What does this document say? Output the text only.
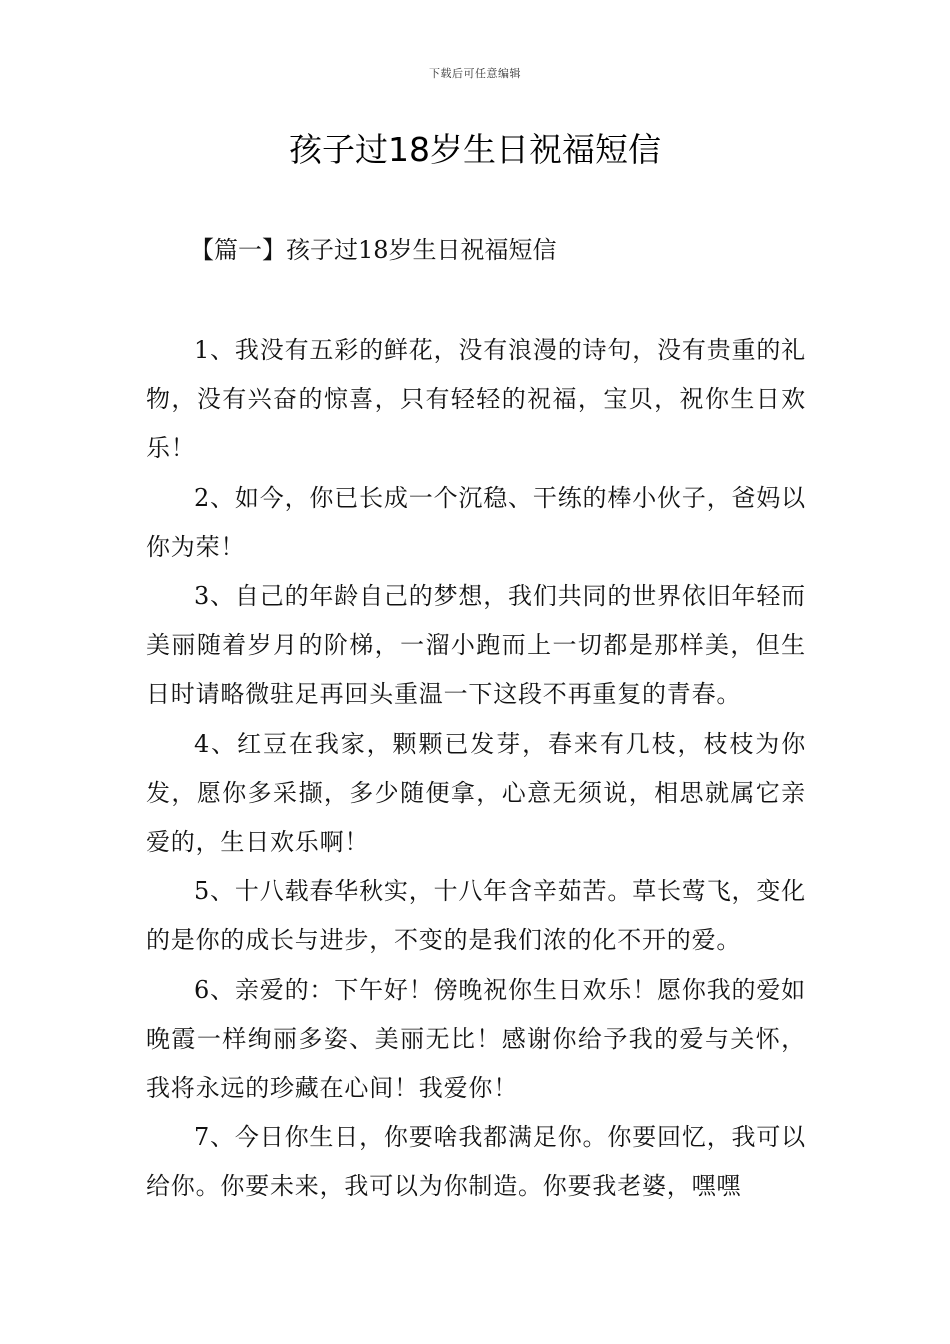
下载后可任意编辑
孩子过18岁生日祝福短信
【篇一】孩子过18岁生日祝福短信

1、我没有五彩的鲜花，没有浪漫的诗句，没有贵重的礼物，没有兴奋的惊喜，只有轻轻的祝福，宝贝，祝你生日欢乐！

2、如今，你已长成一个沉稳、干练的棒小伙子，爸妈以你为荣！

3、自己的年龄自己的梦想，我们共同的世界依旧年轻而美丽随着岁月的阶梯，一溜小跑而上一切都是那样美，但生日时请略微驻足再回头重温一下这段不再重复的青春。

4、红豆在我家，颗颗已发芽，春来有几枝，枝枝为你发，愿你多采撷，多少随便拿，心意无须说，相思就属它亲爱的，生日欢乐啊！

5、十八载春华秋实，十八年含辛茹苦。草长莺飞，变化的是你的成长与进步，不变的是我们浓的化不开的爱。

6、亲爱的：下午好！傍晚祝你生日欢乐！愿你我的爱如晚霞一样绚丽多姿、美丽无比！感谢你给予我的爱与关怀，我将永远的珍藏在心间！我爱你！

7、今日你生日，你要啥我都满足你。你要回忆，我可以给你。你要未来，我可以为你制造。你要我老婆，嘿嘿
